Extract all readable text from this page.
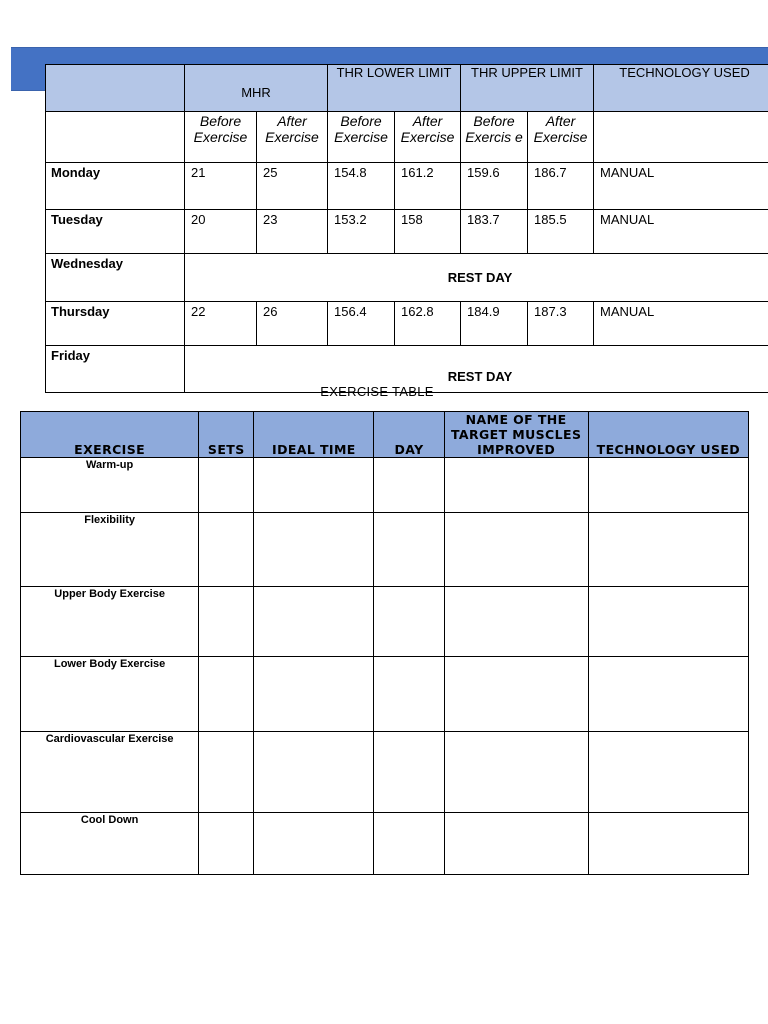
	MHR		THR LOWER LIMIT		THR UPPER LIMIT		TECHNOLOGY USED
	Before Exercise	After Exercise	Before Exercise	After Exercise	Before Exercis e	After Exercise	
Monday	21	25	154.8	161.2	159.6	186.7	MANUAL
Tuesday	20	23	153.2	158	183.7	185.5	MANUAL
Wednesday	REST DAY						
Thursday	22	26	156.4	162.8	184.9	187.3	MANUAL
Friday	REST DAY						
EXERCISE TABLE
EXERCISE	SETS	IDEAL TIME	DAY	NAME OF THE TARGET MUSCLES IMPROVED	TECHNOLOGY USED
Warm-up					
Flexibility					
Upper Body Exercise					
Lower Body Exercise					
Cardiovascular Exercise					
Cool Down					
